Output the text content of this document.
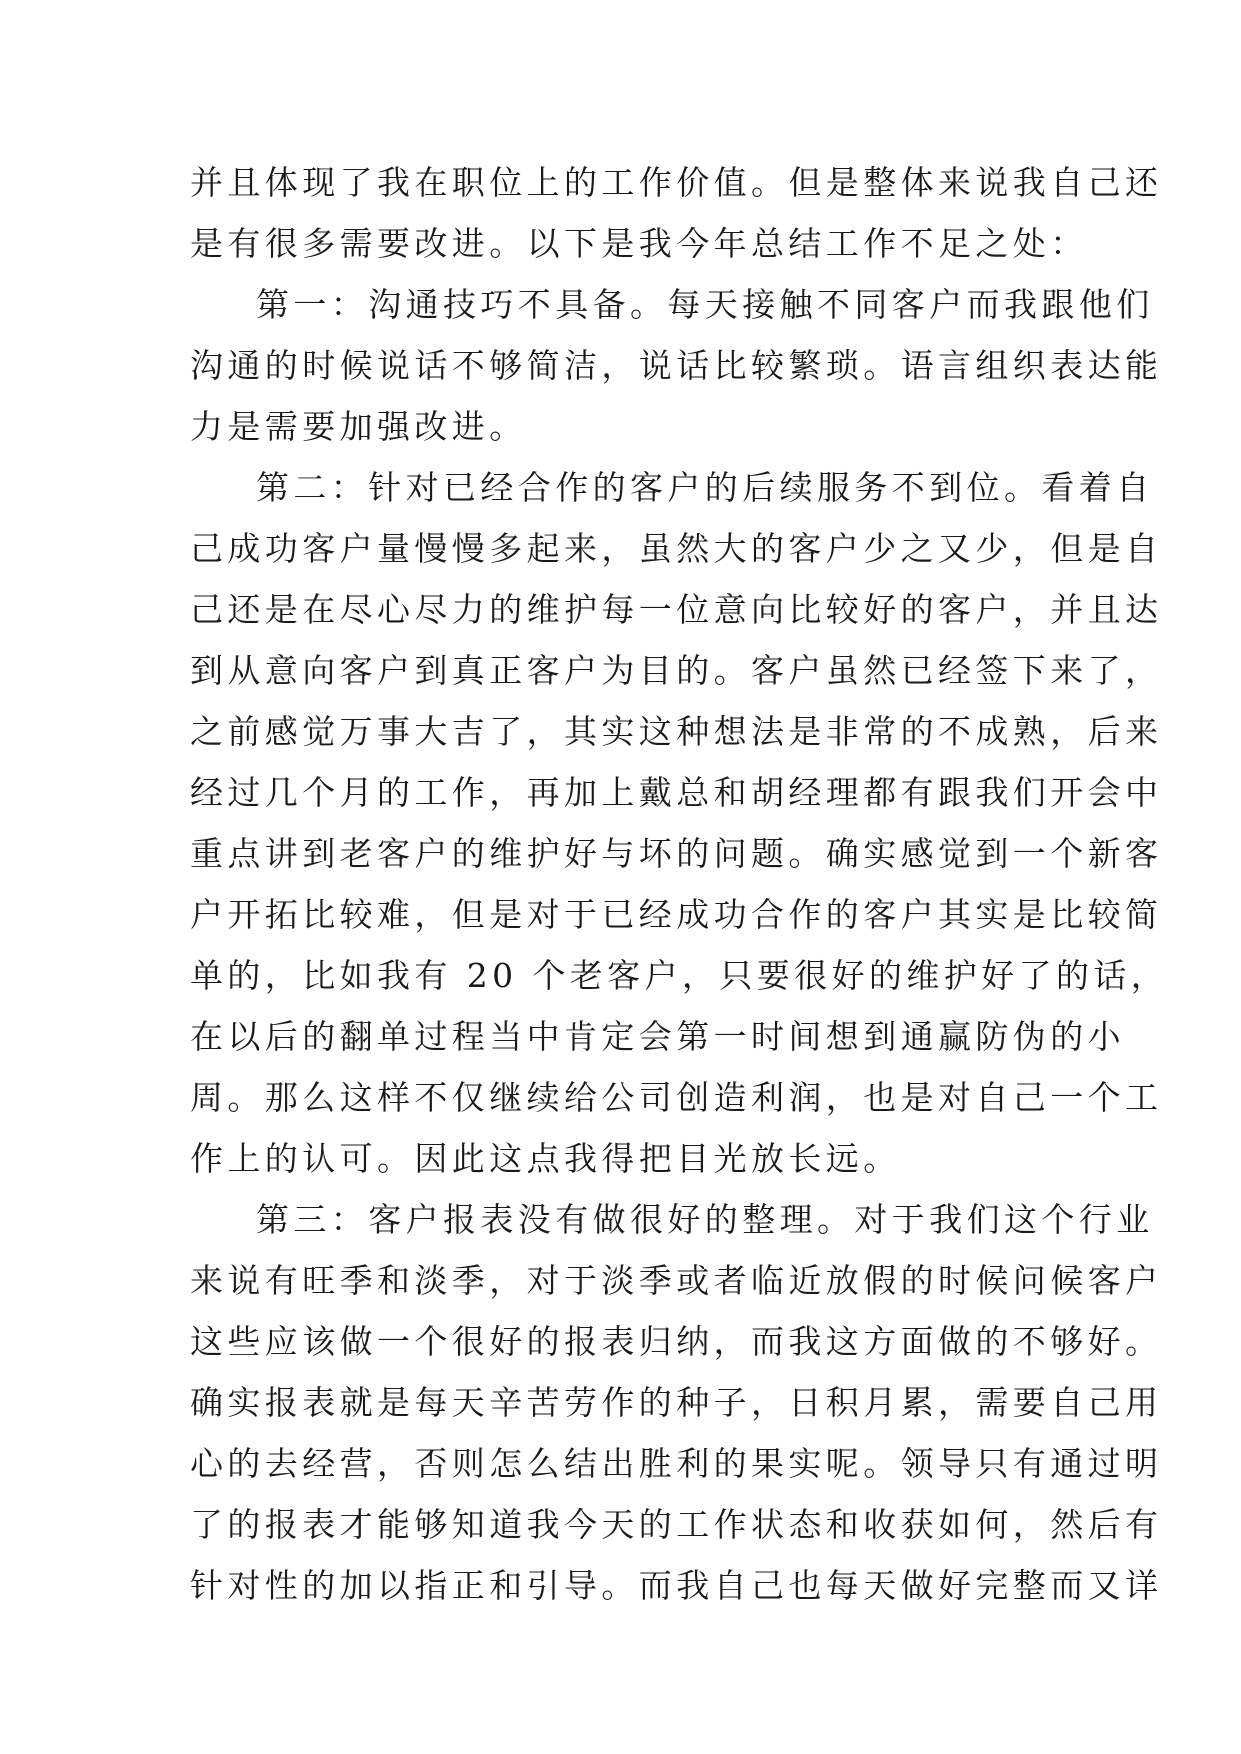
并且体现了我在职位上的工作价值。但是整体来说我自己还
是有很多需要改进。以下是我今年总结工作不足之处：
第一：沟通技巧不具备。每天接触不同客户而我跟他们
沟通的时候说话不够简洁，说话比较繁琐。语言组织表达能
力是需要加强改进。
第二：针对已经合作的客户的后续服务不到位。看着自
己成功客户量慢慢多起来，虽然大的客户少之又少，但是自
己还是在尽心尽力的维护每一位意向比较好的客户，并且达
到从意向客户到真正客户为目的。客户虽然已经签下来了，
之前感觉万事大吉了，其实这种想法是非常的不成熟，后来
经过几个月的工作，再加上戴总和胡经理都有跟我们开会中
重点讲到老客户的维护好与坏的问题。确实感觉到一个新客
户开拓比较难，但是对于已经成功合作的客户其实是比较简
单的，比如我有 20 个老客户，只要很好的维护好了的话，
在以后的翻单过程当中肯定会第一时间想到通赢防伪的小
周。那么这样不仅继续给公司创造利润，也是对自己一个工
作上的认可。因此这点我得把目光放长远。
第三：客户报表没有做很好的整理。对于我们这个行业
来说有旺季和淡季，对于淡季或者临近放假的时候问候客户
这些应该做一个很好的报表归纳，而我这方面做的不够好。
确实报表就是每天辛苦劳作的种子，日积月累，需要自己用
心的去经营，否则怎么结出胜利的果实呢。领导只有通过明
了的报表才能够知道我今天的工作状态和收获如何，然后有
针对性的加以指正和引导。而我自己也每天做好完整而又详
